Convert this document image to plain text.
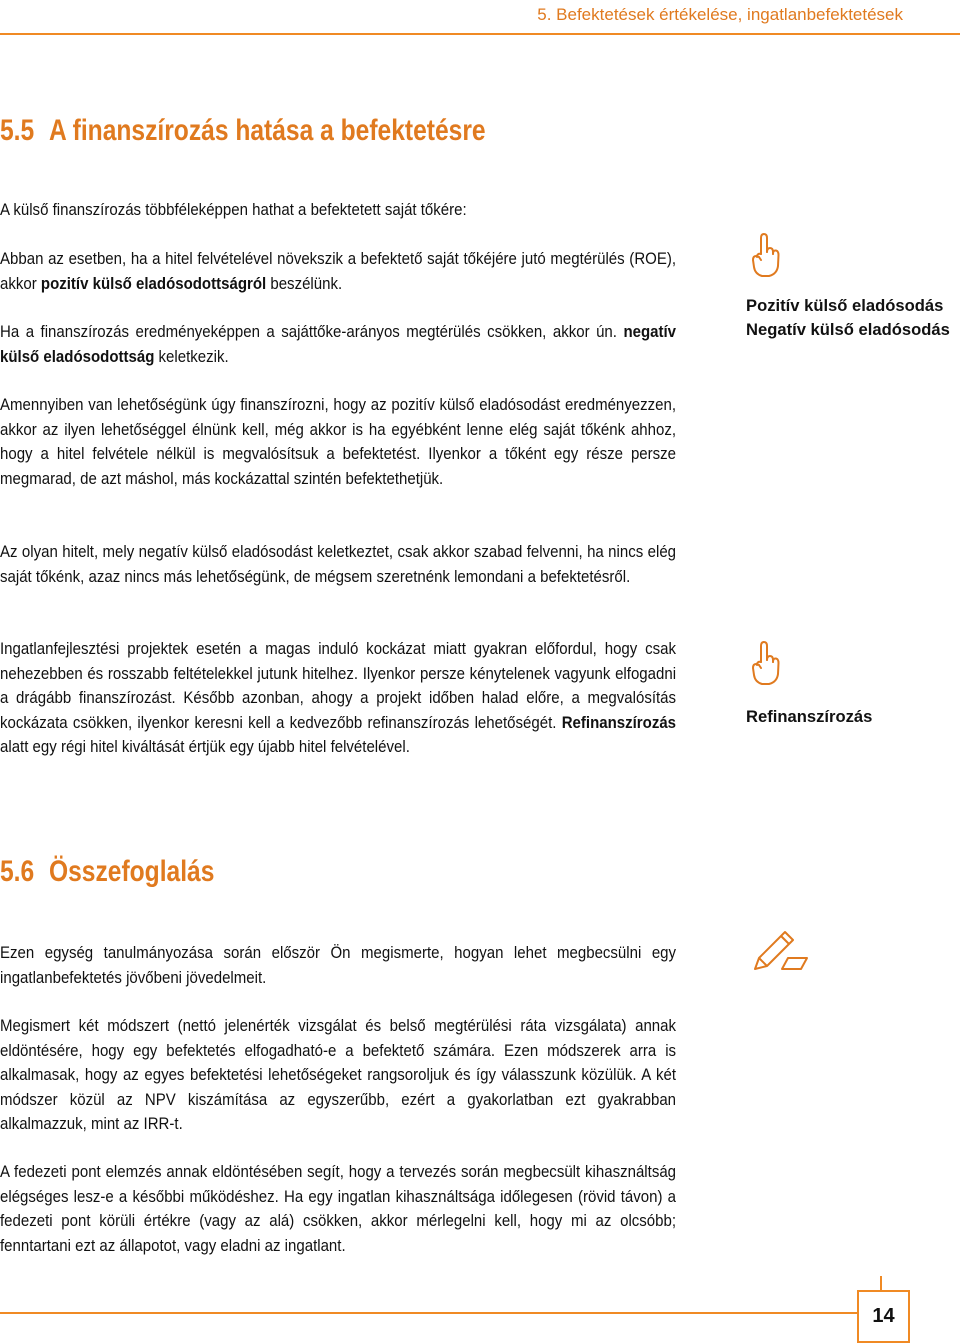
5. Befektetések értékelése, ingatlanbefektetések
5.5 A finanszírozás hatása a befektetésre

A külső finanszírozás többféleképpen hathat a befektetett saját tőkére:

Abban az esetben, ha a hitel felvételével növekszik a befektető saját tőkéjére jutó megtérülés (ROE), akkor pozitív külső eladósodottságról beszélünk.

Ha a finanszírozás eredményeképpen a sajáttőke-arányos megtérülés csökken, akkor ún. negatív külső eladósodottság keletkezik.

Amennyiben van lehetőségünk úgy finanszírozni, hogy az pozitív külső eladósodást eredményezzen, akkor az ilyen lehetőséggel élnünk kell, még akkor is ha egyébként lenne elég saját tőkénk ahhoz, hogy a hitel felvétele nélkül is megvalósítsuk a befektetést. Ilyenkor a tőként egy része persze megmarad, de azt máshol, más kockázattal szintén befektethetjük.

Az olyan hitelt, mely negatív külső eladósodást keletkeztet, csak akkor szabad felvenni, ha nincs elég saját tőkénk, azaz nincs más lehetőségünk, de mégsem szeretnénk lemondani a befektetésről.

Ingatlanfejlesztési projektek esetén a magas induló kockázat miatt gyakran előfordul, hogy csak nehezebben és rosszabb feltételekkel jutunk hitelhez. Ilyenkor persze kénytelenek vagyunk elfogadni a drágább finanszírozást. Később azonban, ahogy a projekt időben halad előre, a megvalósítás kockázata csökken, ilyenkor keresni kell a kedvezőbb refinanszírozás lehetőségét. Refinanszírozás alatt egy régi hitel kiváltását értjük egy újabb hitel felvételével.

Pozitív külső eladósodás
Negatív külső eladósodás
Refinanszírozás
5.6 Összefoglalás

Ezen egység tanulmányozása során először Ön megismerte, hogyan lehet megbecsülni egy ingatlanbefektetés jövőbeni jövedelmeit.

Megismert két módszert (nettó jelenérték vizsgálat és belső megtérülési ráta vizsgálata) annak eldöntésére, hogy egy befektetés elfogadható-e a befektető számára. Ezen módszerek arra is alkalmasak, hogy az egyes befektetési lehetőségeket rangsoroljuk és így válasszunk közülük. A két módszer közül az NPV kiszámítása az egyszerűbb, ezért a gyakorlatban ezt gyakrabban alkalmazzuk, mint az IRR-t.

A fedezeti pont elemzés annak eldöntésében segít, hogy a tervezés során megbecsült kihasználtság elégséges lesz-e a későbbi működéshez. Ha egy ingatlan kihasználtsága időlegesen (rövid távon) a fedezeti pont körüli értékre (vagy az alá) csökken, akkor mérlegelni kell, hogy mi az olcsóbb; fenntartani ezt az állapotot, vagy eladni az ingatlant.

14
